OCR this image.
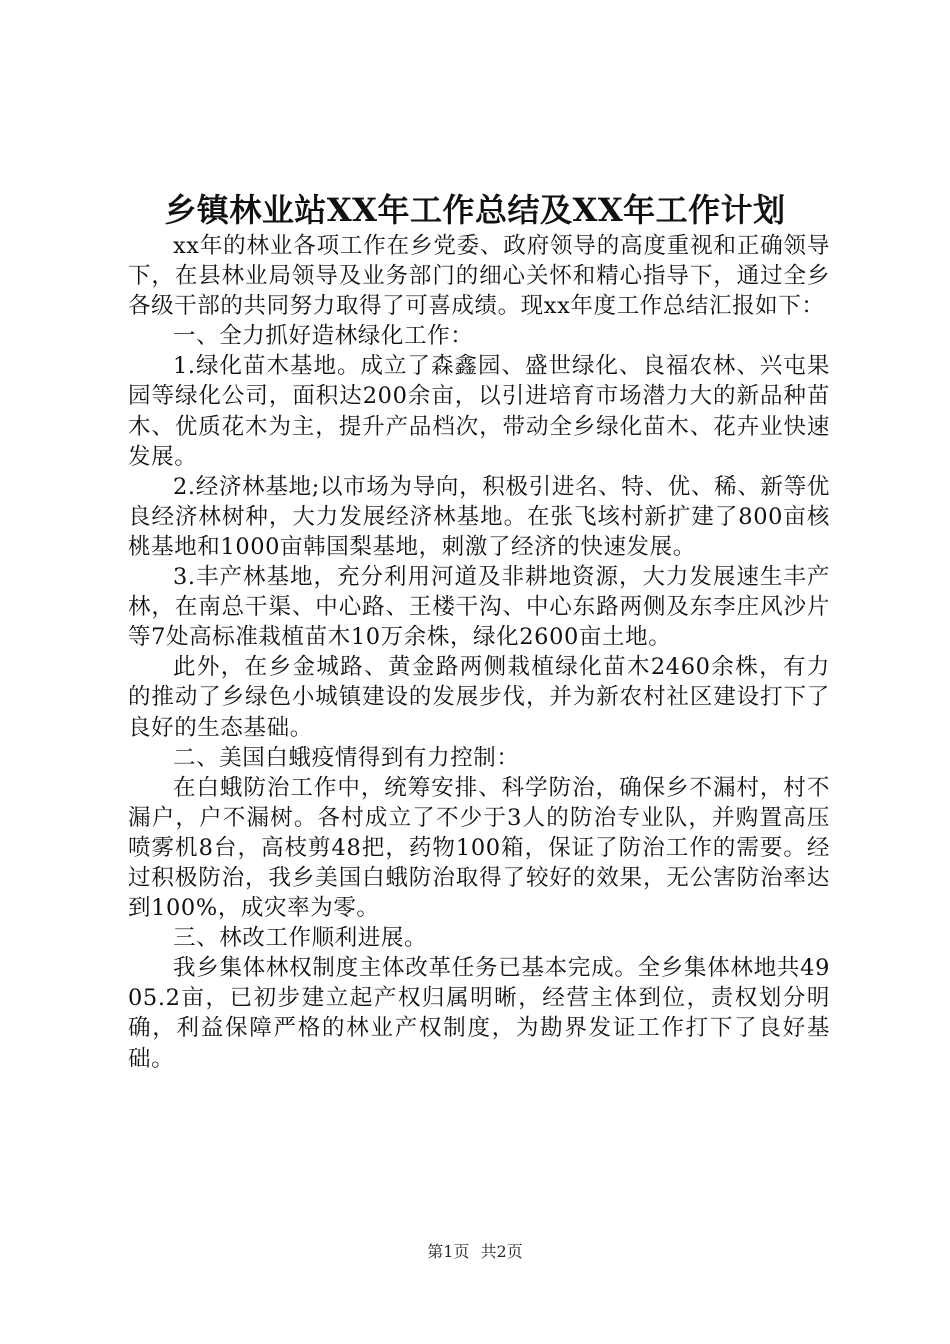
乡镇林业站XX年工作总结及XX年工作计划

xx年的林业各项工作在乡党委、政府领导的高度重视和正确领导下，在县林业局领导及业务部门的细心关怀和精心指导下，通过全乡各级干部的共同努力取得了可喜成绩。现xx年度工作总结汇报如下：

一、全力抓好造林绿化工作：

1.绿化苗木基地。成立了森鑫园、盛世绿化、良福农林、兴屯果园等绿化公司，面积达200余亩，以引进培育市场潜力大的新品种苗木、优质花木为主，提升产品档次，带动全乡绿化苗木、花卉业快速发展。

2.经济林基地;以市场为导向，积极引进名、特、优、稀、新等优良经济林树种，大力发展经济林基地。在张飞垓村新扩建了800亩核桃基地和1000亩韩国梨基地，刺激了经济的快速发展。

3.丰产林基地，充分利用河道及非耕地资源，大力发展速生丰产林，在南总干渠、中心路、王楼干沟、中心东路两侧及东李庄风沙片等7处高标准栽植苗木10万余株，绿化2600亩土地。

此外，在乡金城路、黄金路两侧栽植绿化苗木2460余株，有力的推动了乡绿色小城镇建设的发展步伐，并为新农村社区建设打下了良好的生态基础。

二、美国白蛾疫情得到有力控制：

在白蛾防治工作中，统筹安排、科学防治，确保乡不漏村，村不漏户，户不漏树。各村成立了不少于3人的防治专业队，并购置高压喷雾机8台，高枝剪48把，药物100箱，保证了防治工作的需要。经过积极防治，我乡美国白蛾防治取得了较好的效果，无公害防治率达到100%，成灾率为零。

三、林改工作顺利进展。

我乡集体林权制度主体改革任务已基本完成。全乡集体林地共4905.2亩，已初步建立起产权归属明晰，经营主体到位，责权划分明确，利益保障严格的林业产权制度，为勘界发证工作打下了良好基础。

第1页 共2页
